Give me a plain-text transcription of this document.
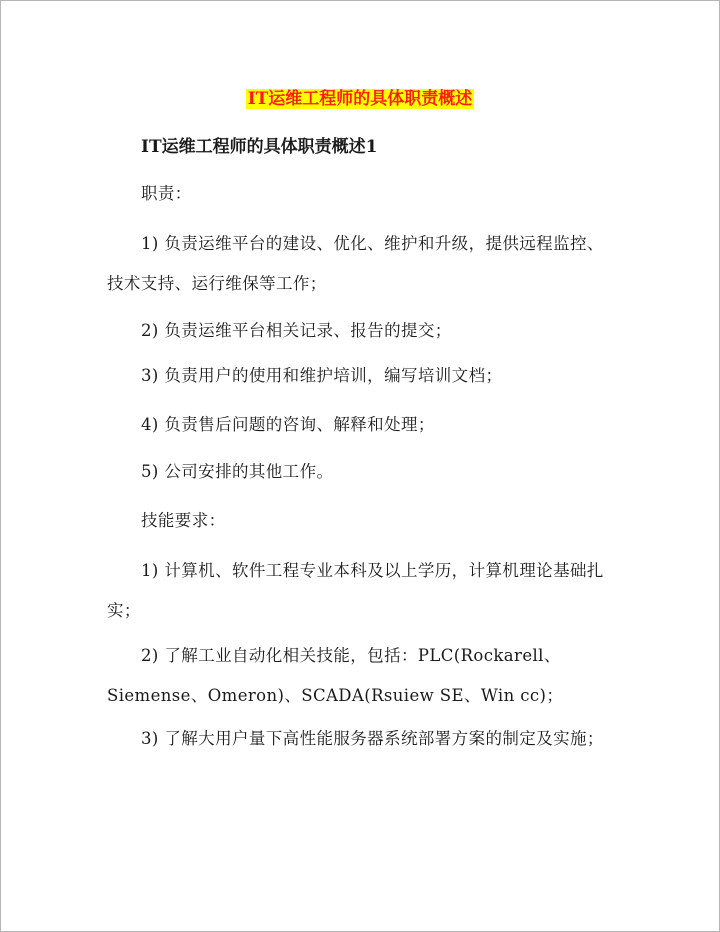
IT运维工程师的具体职责概述
IT运维工程师的具体职责概述1
职责：
1) 负责运维平台的建设、优化、维护和升级，提供远程监控、技术支持、运行维保等工作；
2) 负责运维平台相关记录、报告的提交；
3) 负责用户的使用和维护培训，编写培训文档；
4) 负责售后问题的咨询、解释和处理；
5) 公司安排的其他工作。
技能要求：
1) 计算机、软件工程专业本科及以上学历，计算机理论基础扎实；
2) 了解工业自动化相关技能，包括：PLC(Rockarell、Siemense、Omeron)、SCADA(Rsuiew SE、Win cc)；
3) 了解大用户量下高性能服务器系统部署方案的制定及实施；
